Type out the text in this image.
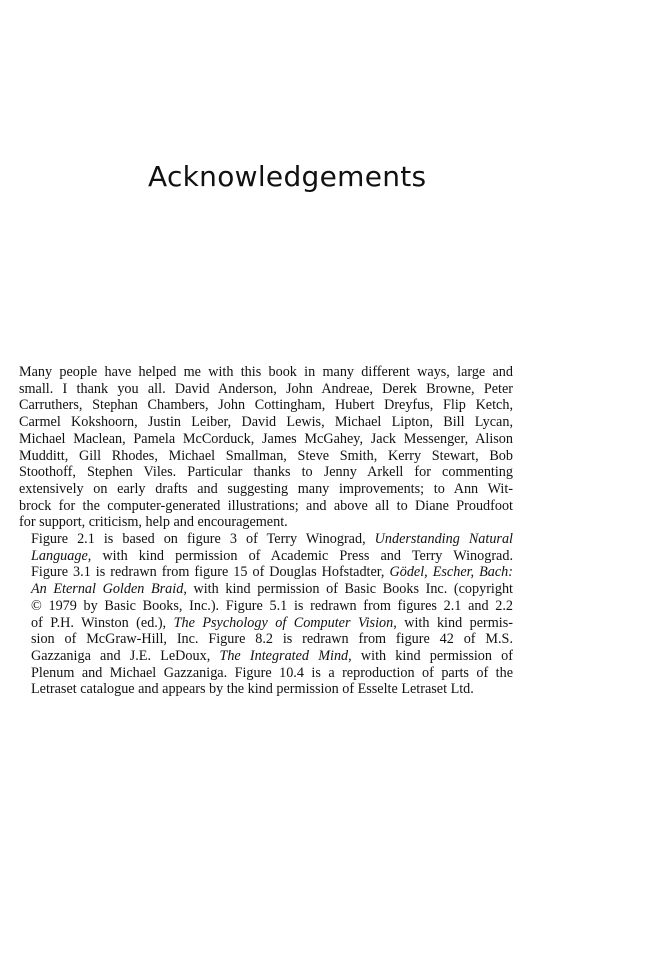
Acknowledgements

Many people have helped me with this book in many different ways, large and
small. I thank you all. David Anderson, John Andreae, Derek Browne, Peter
Carruthers, Stephan Chambers, John Cottingham, Hubert Dreyfus, Flip Ketch,
Carmel Kokshoorn, Justin Leiber, David Lewis, Michael Lipton, Bill Lycan,
Michael Maclean, Pamela McCorduck, James McGahey, Jack Messenger, Alison
Mudditt, Gill Rhodes, Michael Smallman, Steve Smith, Kerry Stewart, Bob
Stoothoff, Stephen Viles. Particular thanks to Jenny Arkell for commenting
extensively on early drafts and suggesting many improvements; to Ann Wit-
brock for the computer-generated illustrations; and above all to Diane Proudfoot
for support, criticism, help and encouragement.

Figure 2.1 is based on figure 3 of Terry Winograd, Understanding Natural
Language, with kind permission of Academic Press and Terry Winograd.
Figure 3.1 is redrawn from figure 15 of Douglas Hofstadter, Gödel, Escher, Bach:
An Eternal Golden Braid, with kind permission of Basic Books Inc. (copyright
© 1979 by Basic Books, Inc.). Figure 5.1 is redrawn from figures 2.1 and 2.2
of P.H. Winston (ed.), The Psychology of Computer Vision, with kind permis-
sion of McGraw-Hill, Inc. Figure 8.2 is redrawn from figure 42 of M.S.
Gazzaniga and J.E. LeDoux, The Integrated Mind, with kind permission of
Plenum and Michael Gazzaniga. Figure 10.4 is a reproduction of parts of the
Letraset catalogue and appears by the kind permission of Esselte Letraset Ltd.
